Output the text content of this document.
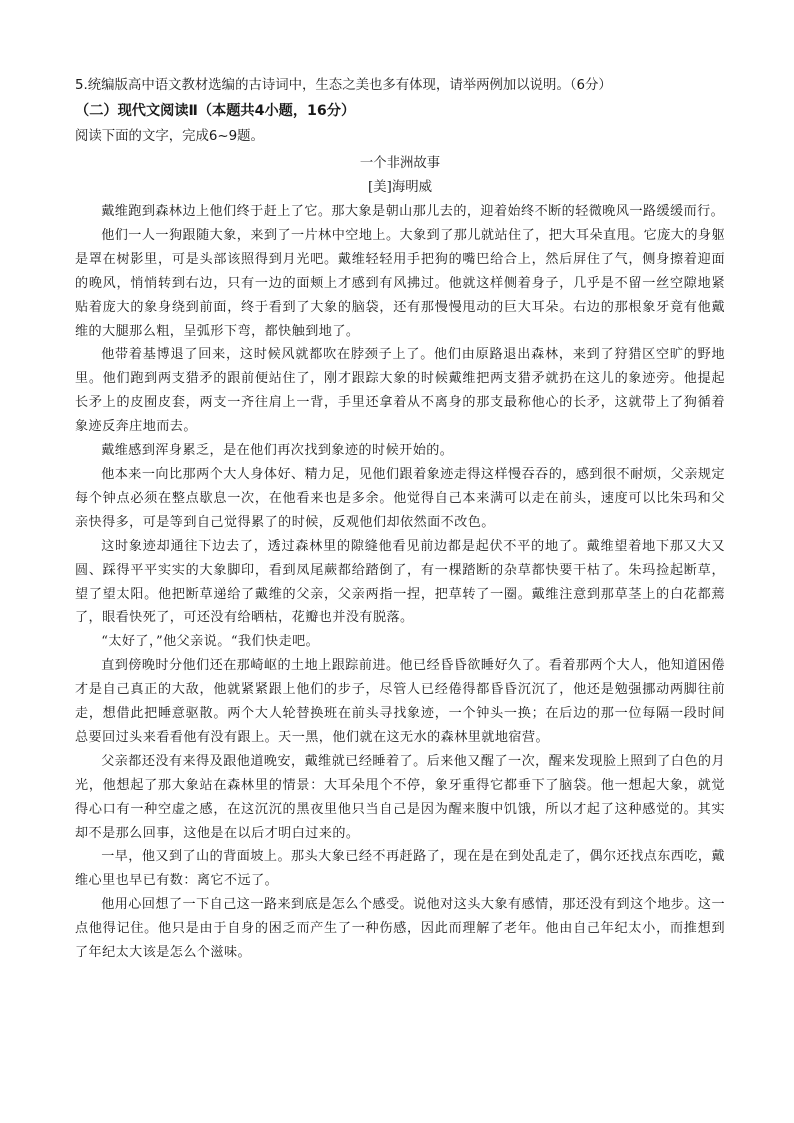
5.统编版高中语文教材选编的古诗词中，生态之美也多有体现，请举两例加以说明。（6分）

（二）现代文阅读Ⅱ（本题共4小题，16分）

阅读下面的文字，完成6~9题。

一个非洲故事

[美]海明威

戴维跑到森林边上他们终于赶上了它。那大象是朝山那儿去的，迎着始终不断的轻微晚风一路缓缓而行。

他们一人一狗跟随大象，来到了一片林中空地上。大象到了那儿就站住了，把大耳朵直甩。它庞大的身躯是罩在树影里，可是头部该照得到月光吧。戴维轻轻用手把狗的嘴巴给合上，然后屏住了气，侧身擦着迎面的晚风，悄悄转到右边，只有一边的面颊上才感到有风拂过。他就这样侧着身子，几乎是不留一丝空隙地紧贴着庞大的象身绕到前面，终于看到了大象的脑袋，还有那慢慢甩动的巨大耳朵。右边的那根象牙竟有他戴维的大腿那么粗，呈弧形下弯，都快触到地了。

他带着基博退了回来，这时候风就都吹在脖颈子上了。他们由原路退出森林，来到了狩猎区空旷的野地里。他们跑到两支猎矛的跟前便站住了，刚才跟踪大象的时候戴维把两支猎矛就扔在这儿的象迹旁。他提起长矛上的皮囿皮套，两支一齐往肩上一背，手里还拿着从不离身的那支最称他心的长矛，这就带上了狗循着象迹反奔庄地而去。

戴维感到浑身累乏，是在他们再次找到象迹的时候开始的。

他本来一向比那两个大人身体好、精力足，见他们跟着象迹走得这样慢吞吞的，感到很不耐烦，父亲规定每个钟点必须在整点歇息一次，在他看来也是多余。他觉得自己本来满可以走在前头，速度可以比朱玛和父亲快得多，可是等到自己觉得累了的时候，反观他们却依然面不改色。

这时象迹却通往下边去了，透过森林里的隙缝他看见前边都是起伏不平的地了。戴维望着地下那又大又圆、踩得平平实实的大象脚印，看到凤尾蕨都给踏倒了，有一棵踏断的杂草都快要干枯了。朱玛捡起断草，望了望太阳。他把断草递给了戴维的父亲，父亲两指一捏，把草转了一圈。戴维注意到那草茎上的白花都蔫了，眼看快死了，可还没有给晒枯，花瓣也并没有脱落。

“太好了，”他父亲说。“我们快走吧。

直到傍晚时分他们还在那崎岖的土地上跟踪前进。他已经昏昏欲睡好久了。看着那两个大人，他知道困倦才是自己真正的大敌，他就紧紧跟上他们的步子，尽管人已经倦得都昏昏沉沉了，他还是勉强挪动两脚往前走，想借此把睡意驱散。两个大人轮替换班在前头寻找象迹，一个钟头一换；在后边的那一位每隔一段时间总要回过头来看看他有没有跟上。天一黑，他们就在这无水的森林里就地宿营。

父亲都还没有来得及跟他道晚安，戴维就已经睡着了。后来他又醒了一次，醒来发现脸上照到了白色的月光，他想起了那大象站在森林里的情景：大耳朵甩个不停，象牙重得它都垂下了脑袋。他一想起大象，就觉得心口有一种空虚之感，在这沉沉的黑夜里他只当自己是因为醒来腹中饥饿，所以才起了这种感觉的。其实却不是那么回事，这他是在以后才明白过来的。

一早，他又到了山的背面坡上。那头大象已经不再赶路了，现在是在到处乱走了，偶尔还找点东西吃，戴维心里也早已有数：离它不远了。

他用心回想了一下自己这一路来到底是怎么个感受。说他对这头大象有感情，那还没有到这个地步。这一点他得记住。他只是由于自身的困乏而产生了一种伤感，因此而理解了老年。他由自己年纪太小，而推想到了年纪太大该是怎么个滋味。
